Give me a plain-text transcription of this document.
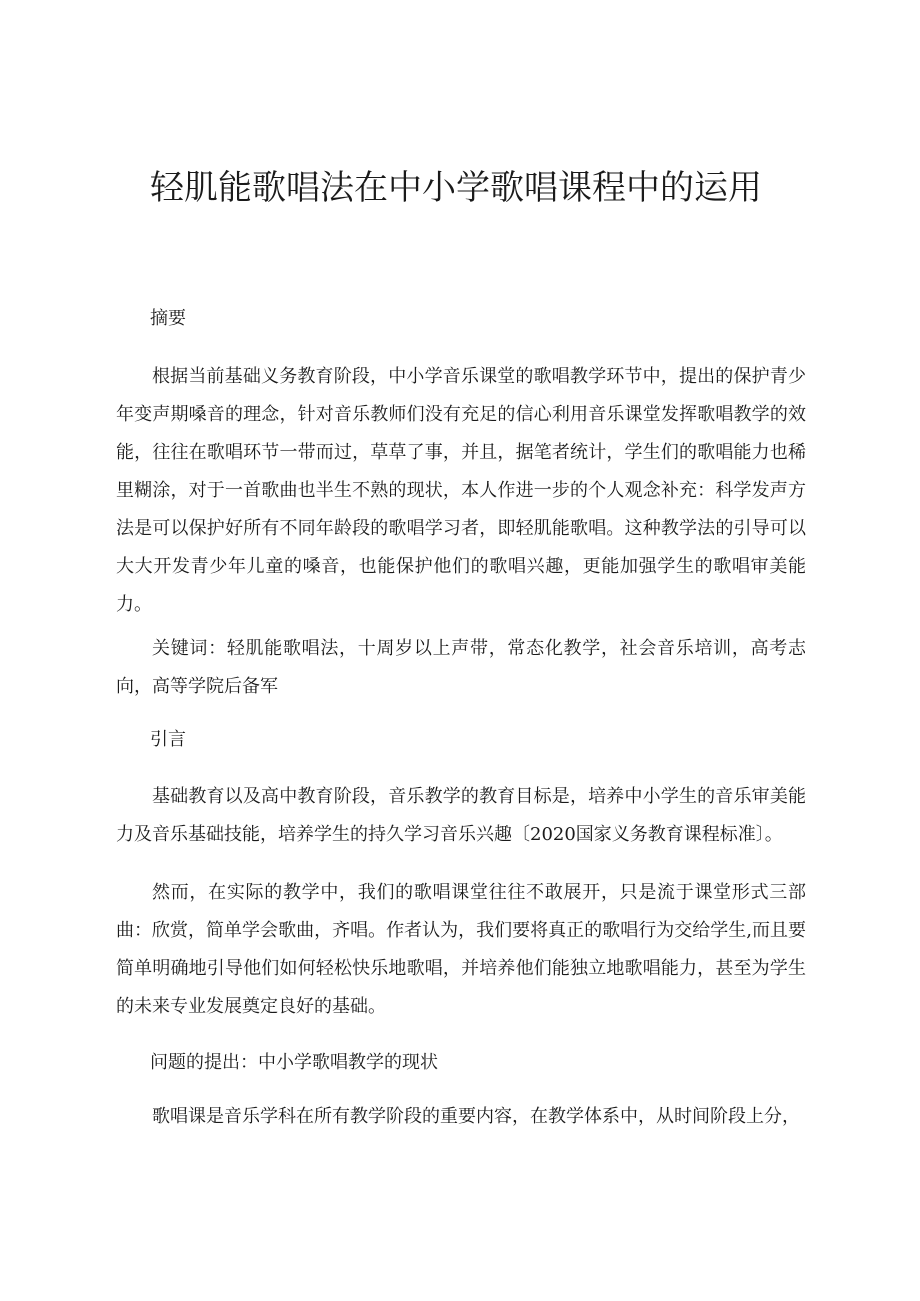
轻肌能歌唱法在中小学歌唱课程中的运用
摘要
根据当前基础义务教育阶段，中小学音乐课堂的歌唱教学环节中，提出的保护青少年变声期嗓音的理念，针对音乐教师们没有充足的信心利用音乐课堂发挥歌唱教学的效能，往往在歌唱环节一带而过，草草了事，并且，据笔者统计，学生们的歌唱能力也稀里糊涂，对于一首歌曲也半生不熟的现状，本人作进一步的个人观念补充：科学发声方法是可以保护好所有不同年龄段的歌唱学习者，即轻肌能歌唱。这种教学法的引导可以大大开发青少年儿童的嗓音，也能保护他们的歌唱兴趣，更能加强学生的歌唱审美能力。
关键词：轻肌能歌唱法，十周岁以上声带，常态化教学，社会音乐培训，高考志向，高等学院后备军
引言
基础教育以及高中教育阶段，音乐教学的教育目标是，培养中小学生的音乐审美能力及音乐基础技能，培养学生的持久学习音乐兴趣〔2020国家义务教育课程标准〕。
然而，在实际的教学中，我们的歌唱课堂往往不敢展开，只是流于课堂形式三部曲：欣赏，简单学会歌曲，齐唱。作者认为，我们要将真正的歌唱行为交给学生,而且要简单明确地引导他们如何轻松快乐地歌唱，并培养他们能独立地歌唱能力，甚至为学生的未来专业发展奠定良好的基础。
问题的提出：中小学歌唱教学的现状
歌唱课是音乐学科在所有教学阶段的重要内容，在教学体系中，从时间阶段上分，
